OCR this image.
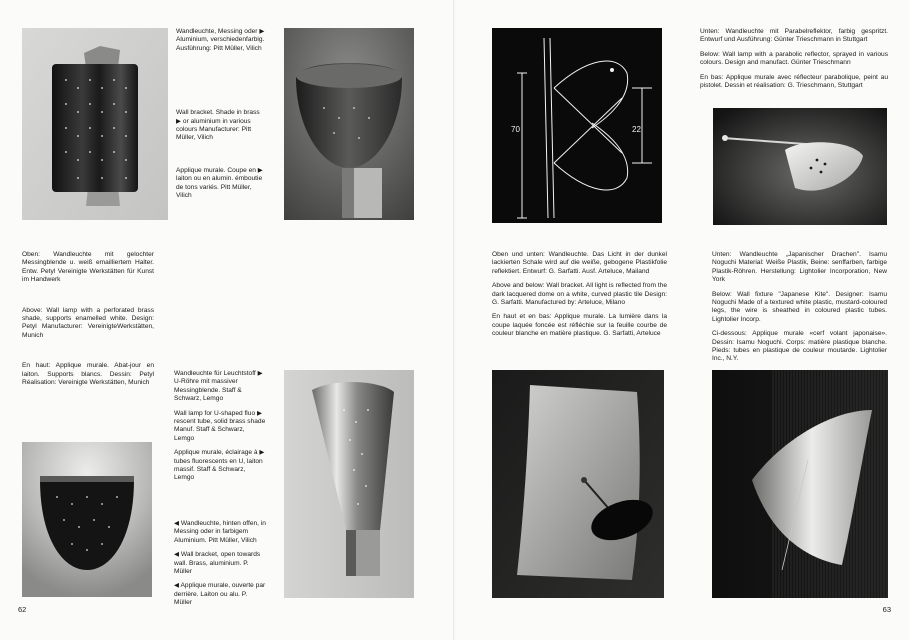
Wandleuchte, Messing oder ▶ Aluminium, verschiedenfarbig. Ausführung: Pitt Müller, Vilich

Wall bracket. Shade in brass ▶ or aluminium in various colours Manufacturer: Pitt Müller, Vilich

Applique murale. Coupe en ▶ laiton ou en alumin. émboutie de tons variés. Pitt Müller, Vilich

Oben: Wandleuchte mit gelochter Messingblende u. weiß emailliertem Halter. Entw. Petyl Vereinigte Werkstätten für Kunst im Handwerk

Above: Wall lamp with a perforated brass shade, supports enamelled white. Design: Petyl Manufacturer: VereinigteWerkstätten, Munich

En haut: Applique murale. Abat-jour en laiton. Supports blancs. Dessin: Petyl Réalisation: Vereinigte Werkstätten, Munich

Wandleuchte für Leuchtstoff ▶ U-Röhre mit massiver Messingblende. Staff & Schwarz, Lemgo

Wall lamp for U-shaped fluo ▶ rescent tube, solid brass shade Manuf. Staff & Schwarz, Lemgo

Applique murale, éclairage à ▶ tubes fluorescents en U, laiton massif. Staff & Schwarz, Lemgo

◀ Wandleuchte, hinten offen, in Messing oder in farbigem Aluminium. Pitt Müller, Vilich

◀ Wall bracket, open towards wall. Brass, aluminium. P. Müller

◀ Applique murale, ouverte par derrière. Laiton ou alu. P. Müller

62
70	22

Unten: Wandleuchte mit Parabelreflektor, farbig gespritzt. Entwurf und Ausführung: Günter Trieschmann in Stuttgart

Below: Wall lamp with a parabolic reflector, sprayed in various colours. Design and manufact. Günter Trieschmann

En bas: Applique murale avec réflecteur parabolique, peint au pistolet. Dessin et réalisation: G. Trieschmann, Stuttgart

Oben und unten: Wandleuchte. Das Licht in der dunkel lackierten Schale wird auf die weiße, gebogene Plastikfolie reflektiert. Entwurf: G. Sarfatti. Ausf. Arteluce, Mailand

Above and below: Wall bracket. All light is reflected from the dark lacquered dome on a white, curved plastic tile Design: G. Sarfatti. Manufactured by: Arteluce, Milano

En haut et en bas: Applique murale. La lumière dans la coupe laquée foncée est réfléchie sur la feuille courbe de couleur blanche en matière plastique. G. Sarfatti, Arteluce

Unten: Wandleuchte „Japanischer Drachen". Isamu Noguchi Material: Weiße Plastik, Beine: senffarben, farbige Plastik-Röhren. Herstellung: Lightolier Incorporation, New York

Below: Wall fixture "Japanese Kite". Designer: Isamu Noguchi Made of a textured white plastic, mustard-coloured legs, the wire is sheathed in coloured plastic tubes. Lightolier Incorp.

Ci-dessous: Applique murale «cerf volant japonaise». Dessin: Isamu Noguchi. Corps: matière plastique blanche. Pieds: tubes en plastique de couleur moutarde. Lightolier Inc., N.Y.

63
